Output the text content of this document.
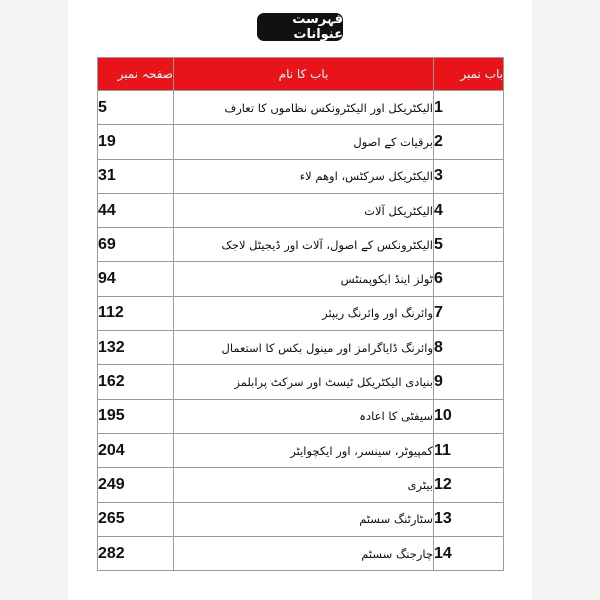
فہرست عنوانات
صفحہ نمبر	باب کا نام	باب نمبر
5	الیکٹریکل اور الیکٹرونکس نظاموں کا تعارف	1
19	برقیات کے اصول	2
31	الیکٹریکل سرکٹس، اوھم لاء	3
44	الیکٹریکل آلات	4
69	الیکٹرونکس کے اصول، آلات اور ڈیجیٹل لاجک	5
94	ٹولز اینڈ ایکوپمنٹس	6
112	وائرنگ اور وائرنگ ریپئر	7
132	وائرنگ ڈایاگرامز اور مینول بکس کا استعمال	8
162	بنیادی الیکٹریکل ٹیسٹ اور سرکٹ پرابلمز	9
195	سیفٹی کا اعادہ	10
204	کمپیوٹر، سینسر، اور ایکچوایٹر	11
249	بیٹری	12
265	سٹارٹنگ سسٹم	13
282	چارجنگ سسٹم	14
